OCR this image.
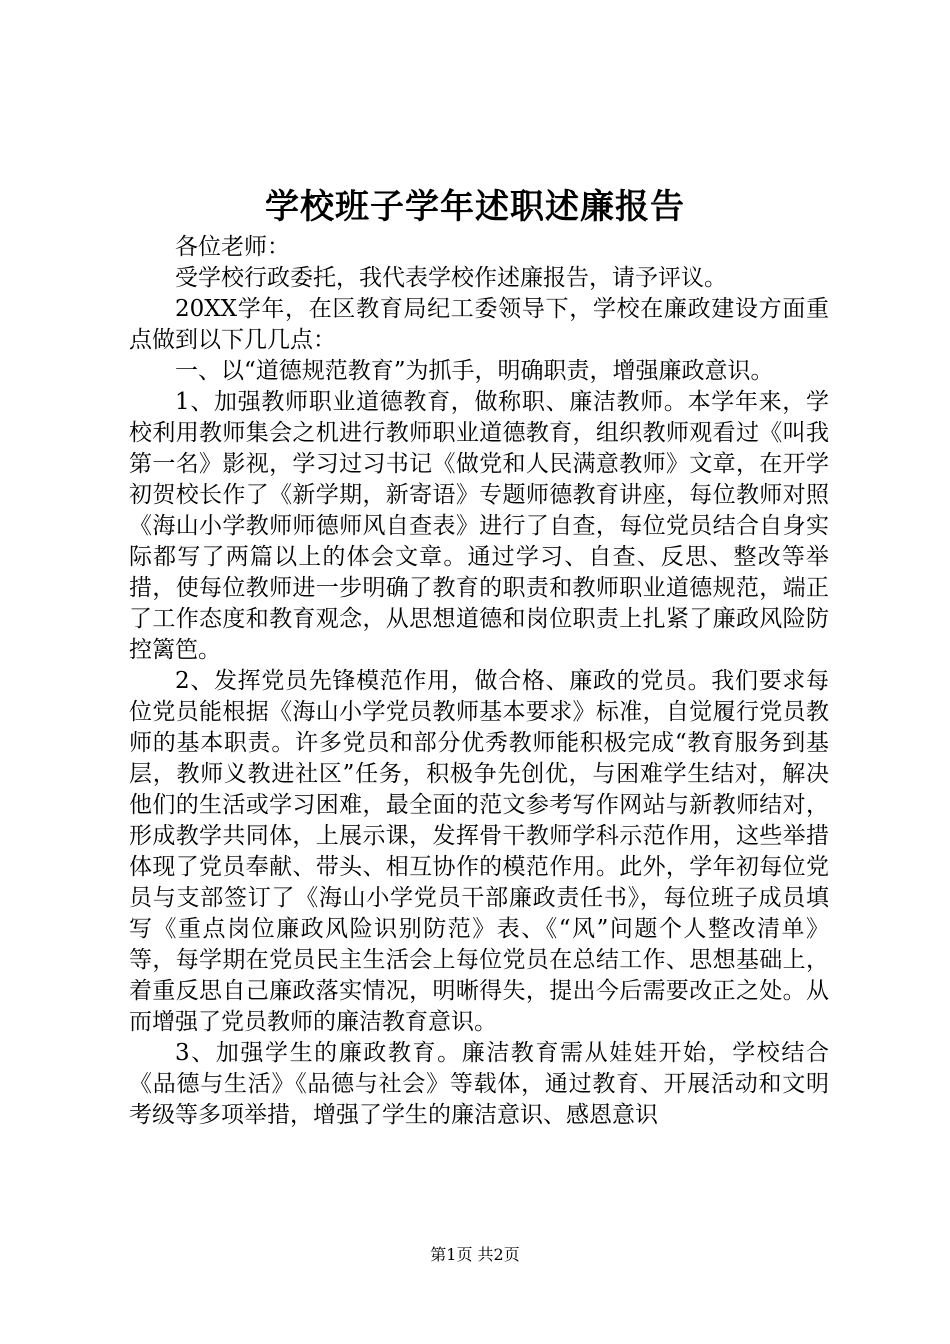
学校班子学年述职述廉报告

各位老师：

受学校行政委托，我代表学校作述廉报告，请予评议。

20XX学年，在区教育局纪工委领导下，学校在廉政建设方面重点做到以下几几点：

一、以“道德规范教育”为抓手，明确职责，增强廉政意识。

1、加强教师职业道德教育，做称职、廉洁教师。本学年来，学校利用教师集会之机进行教师职业道德教育，组织教师观看过《叫我第一名》影视，学习过习书记《做党和人民满意教师》文章，在开学初贺校长作了《新学期，新寄语》专题师德教育讲座，每位教师对照《海山小学教师师德师风自查表》进行了自查，每位党员结合自身实际都写了两篇以上的体会文章。通过学习、自查、反思、整改等举措，使每位教师进一步明确了教育的职责和教师职业道德规范，端正了工作态度和教育观念，从思想道德和岗位职责上扎紧了廉政风险防控篱笆。

2、发挥党员先锋模范作用，做合格、廉政的党员。我们要求每位党员能根据《海山小学党员教师基本要求》标准，自觉履行党员教师的基本职责。许多党员和部分优秀教师能积极完成“教育服务到基层，教师义教进社区”任务，积极争先创优，与困难学生结对，解决他们的生活或学习困难，最全面的范文参考写作网站与新教师结对，形成教学共同体，上展示课，发挥骨干教师学科示范作用，这些举措体现了党员奉献、带头、相互协作的模范作用。此外，学年初每位党员与支部签订了《海山小学党员干部廉政责任书》，每位班子成员填写《重点岗位廉政风险识别防范》表、《“风”问题个人整改清单》等，每学期在党员民主生活会上每位党员在总结工作、思想基础上，着重反思自己廉政落实情况，明晰得失，提出今后需要改正之处。从而增强了党员教师的廉洁教育意识。

3、加强学生的廉政教育。廉洁教育需从娃娃开始，学校结合《品德与生活》《品德与社会》等载体，通过教育、开展活动和文明考级等多项举措，增强了学生的廉洁意识、感恩意识

第1页 共2页
